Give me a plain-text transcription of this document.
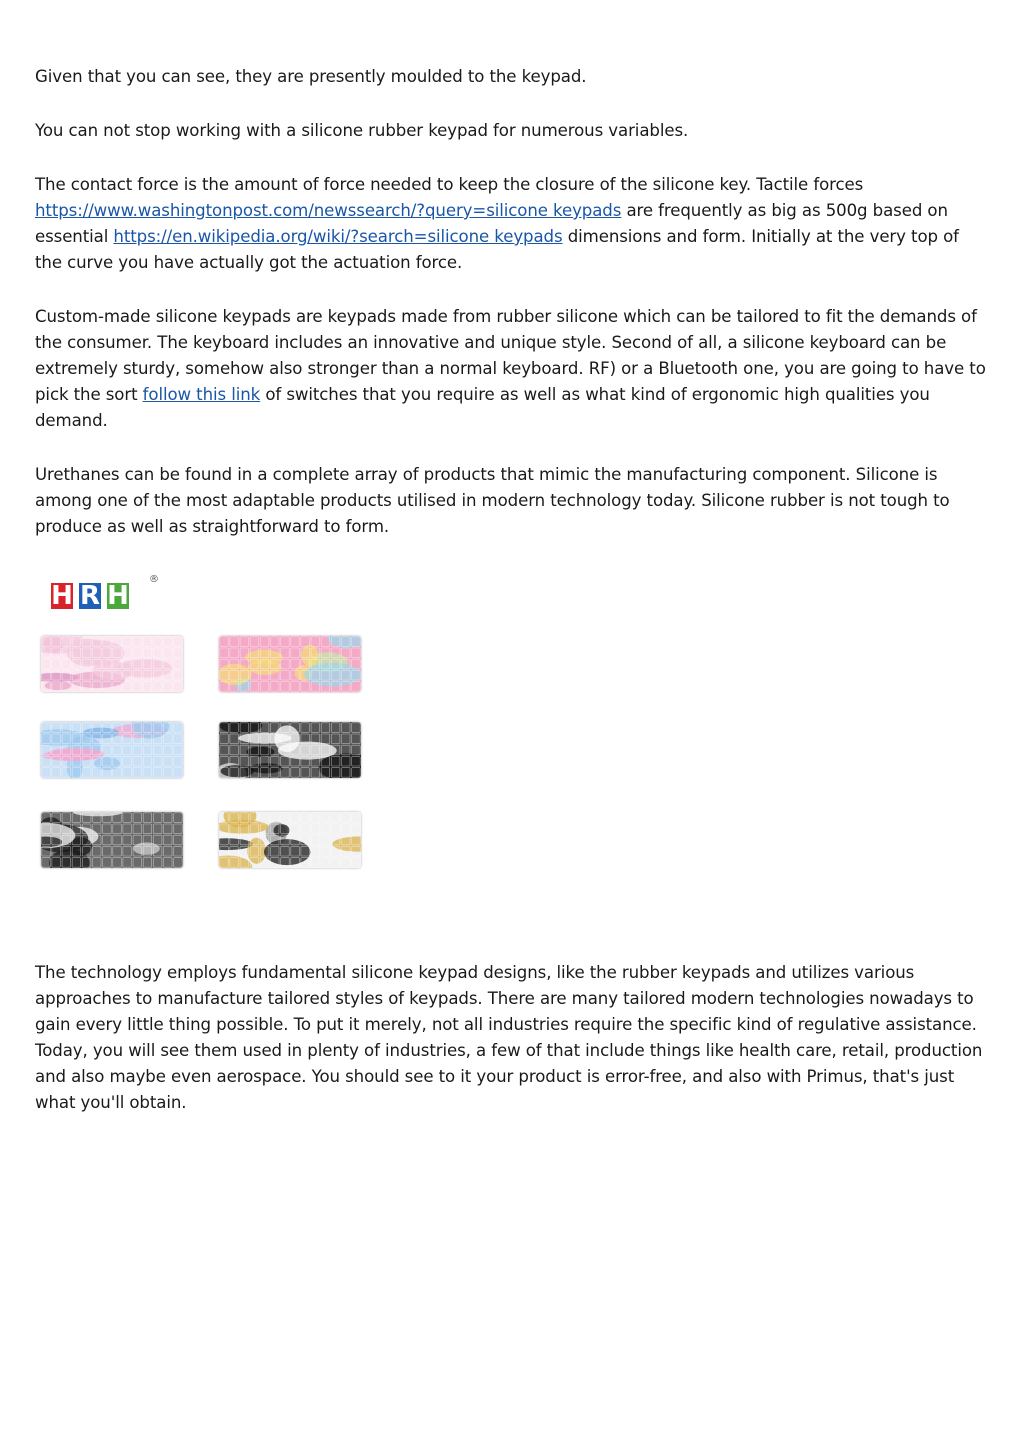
Given that you can see, they are presently moulded to the keypad.

You can not stop working with a silicone rubber keypad for numerous variables.

The contact force is the amount of force needed to keep the closure of the silicone key. Tactile forces https://www.washingtonpost.com/newssearch/?query=silicone keypads are frequently as big as 500g based on essential https://en.wikipedia.org/wiki/?search=silicone keypads dimensions and form. Initially at the very top of the curve you have actually got the actuation force.

Custom-made silicone keypads are keypads made from rubber silicone which can be tailored to fit the demands of the consumer. The keyboard includes an innovative and unique style. Second of all, a silicone keyboard can be extremely sturdy, somehow also stronger than a normal keyboard. RF) or a Bluetooth one, you are going to have to pick the sort follow this link of switches that you require as well as what kind of ergonomic high qualities you demand.

Urethanes can be found in a complete array of products that mimic the manufacturing component. Silicone is among one of the most adaptable products utilised in modern technology today. Silicone rubber is not tough to produce as well as straightforward to form.

H R H
®

The technology employs fundamental silicone keypad designs, like the rubber keypads and utilizes various approaches to manufacture tailored styles of keypads. There are many tailored modern technologies nowadays to gain every little thing possible. To put it merely, not all industries require the specific kind of regulative assistance. Today, you will see them used in plenty of industries, a few of that include things like health care, retail, production and also maybe even aerospace. You should see to it your product is error-free, and also with Primus, that's just what you'll obtain.
